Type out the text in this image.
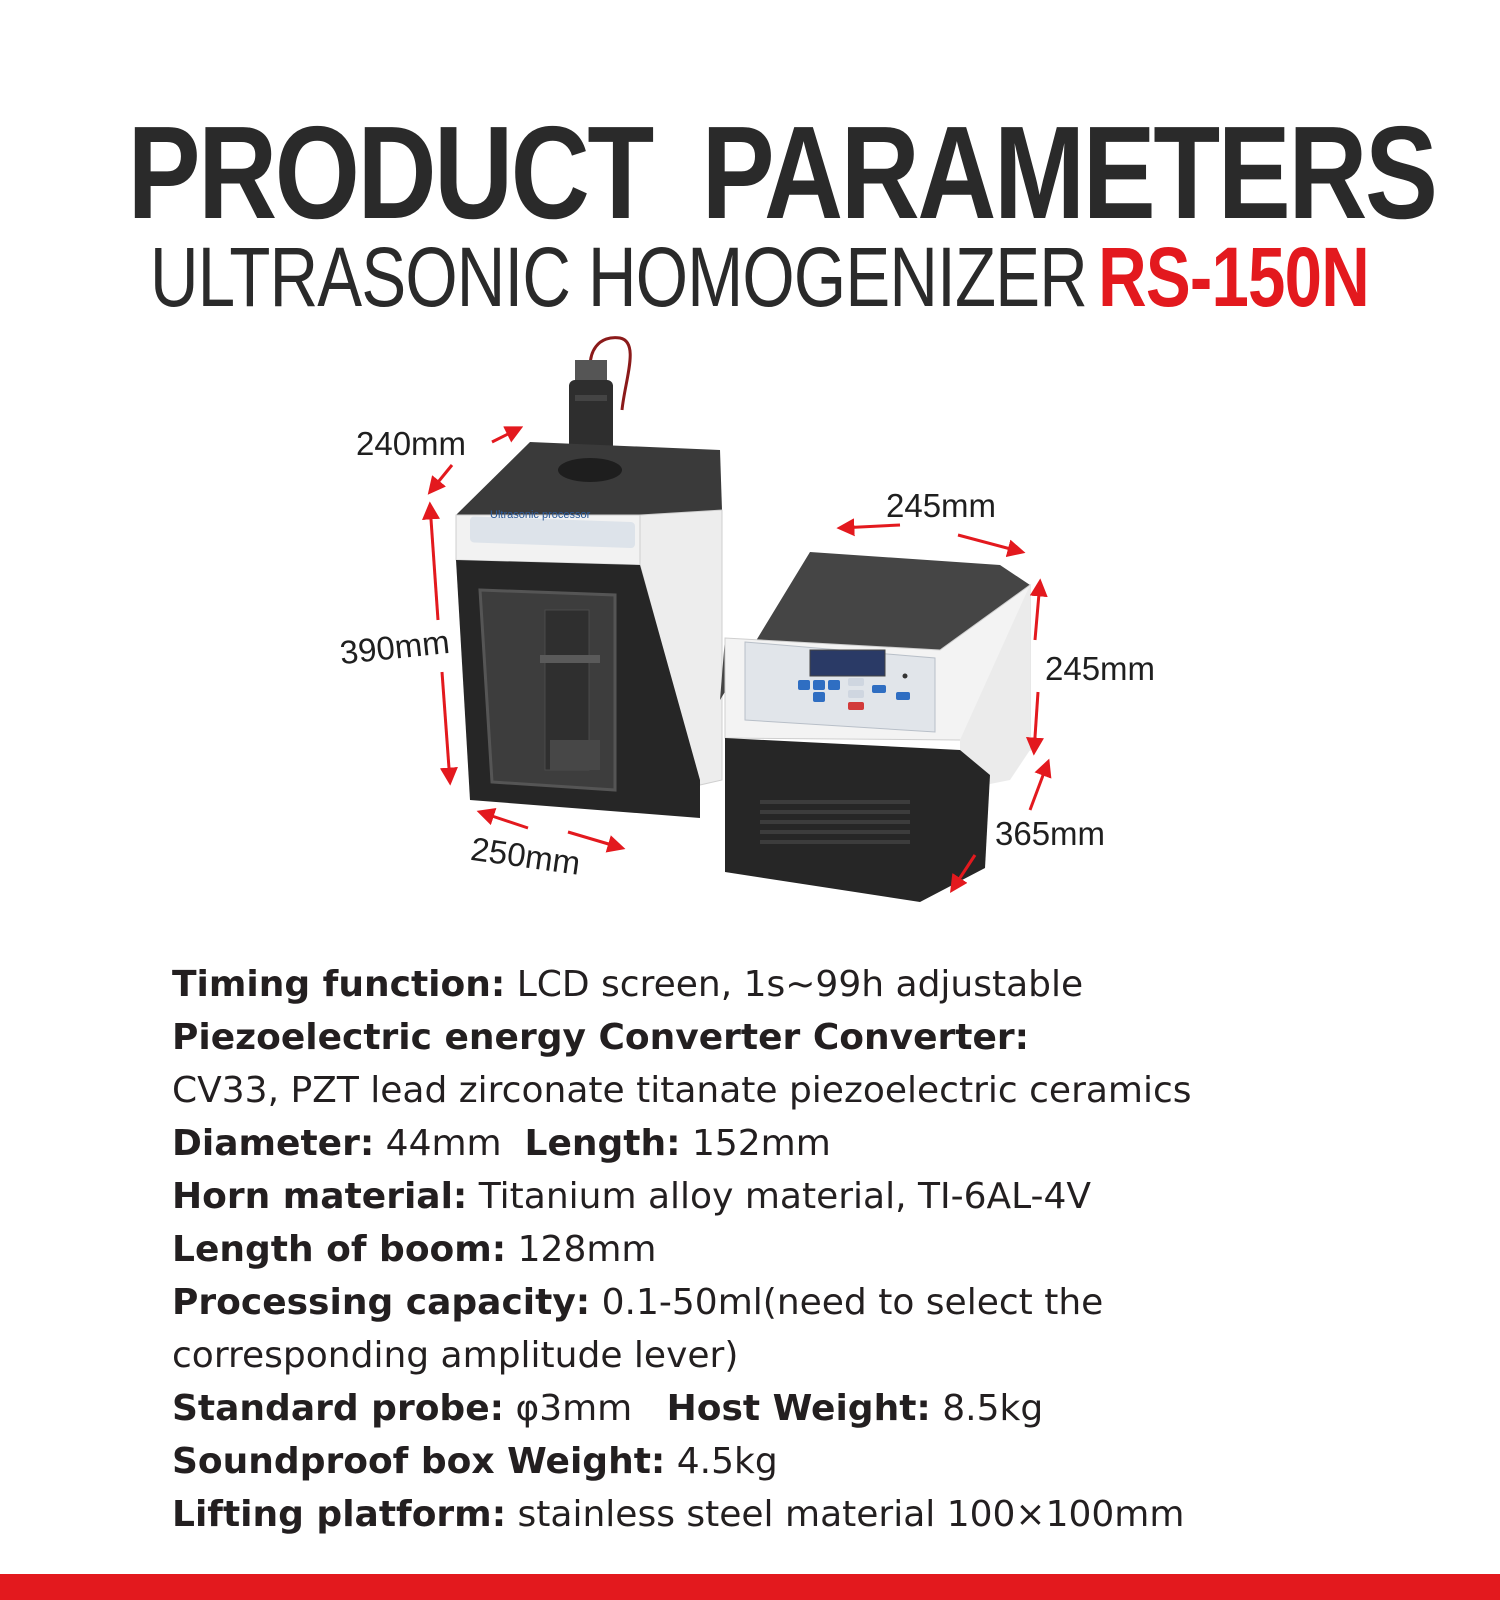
PRODUCT PARAMETERS
ULTRASONIC HOMOGENIZER RS-150N
Ultrasonic processor
240mm
390mm
250mm
245mm
245mm
365mm
Timing function: LCD screen, 1s~99h adjustable
Piezoelectric energy Converter Converter:
CV33, PZT lead zirconate titanate piezoelectric ceramics
Diameter: 44mm Length: 152mm
Horn material: Titanium alloy material, TI-6AL-4V
Length of boom: 128mm
Processing capacity: 0.1-50ml(need to select the corresponding amplitude lever)
Standard probe: φ3mm Host Weight: 8.5kg
Soundproof box Weight: 4.5kg
Lifting platform: stainless steel material 100×100mm
